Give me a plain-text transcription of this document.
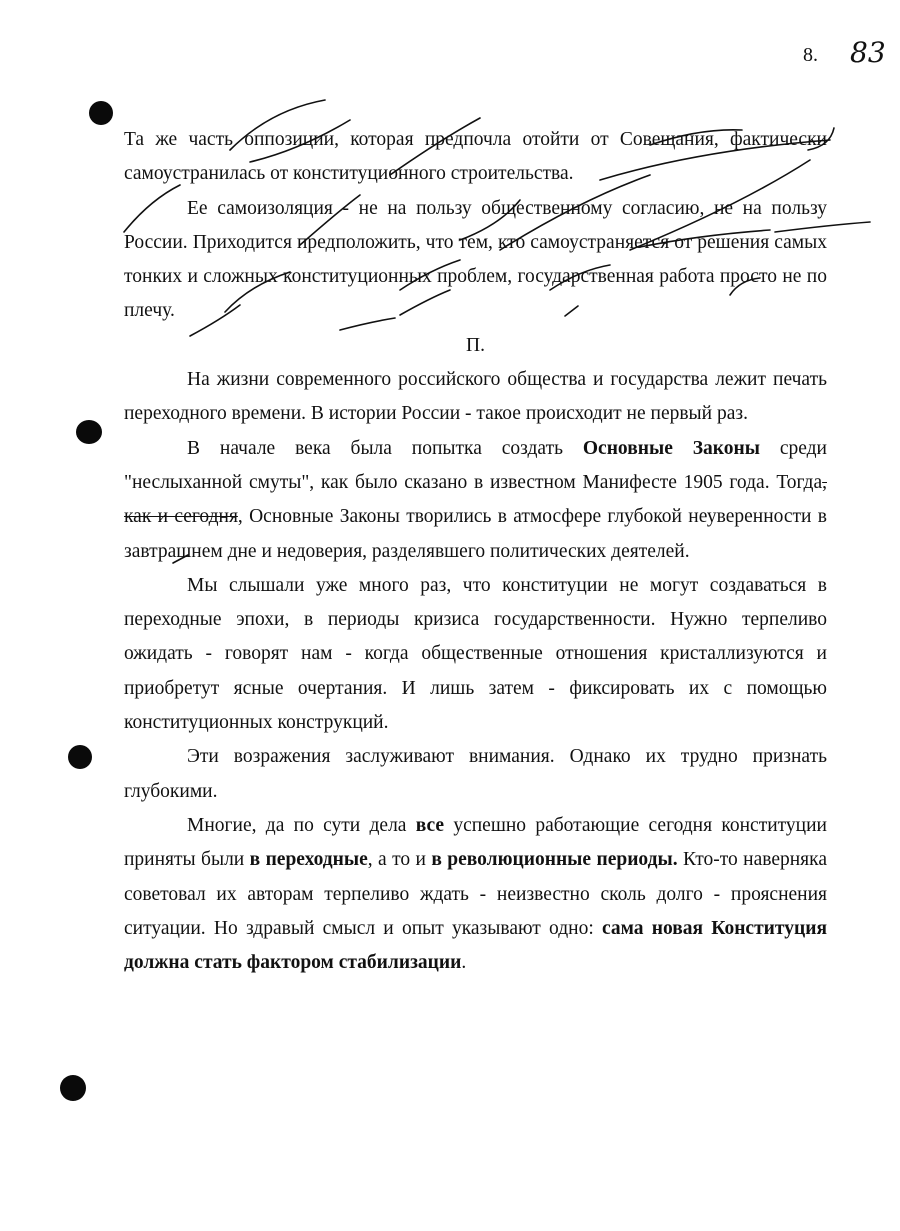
8. 83

Та же часть оппозиции, которая предпочла отойти от Совещания, фактически самоустранилась от конституционного строительства.

Ее самоизоляция - не на пользу общественному согласию, не на пользу России. Приходится предположить, что тем, кто самоустраняется от решения самых тонких и сложных конституционных проблем, государственная работа просто не по плечу.

П.

На жизни современного российского общества и государства лежит печать переходного времени. В истории России - такое происходит не первый раз.

В начале века была попытка создать Основные Законы среди "неслыханной смуты", как было сказано в известном Манифесте 1905 года. Тогда, как и сегодня, Основные Законы творились в атмосфере глубокой неуверенности в завтрашнем дне и недоверия, разделявшего политических деятелей.

Мы слышали уже много раз, что конституции не могут создаваться в переходные эпохи, в периоды кризиса государственности. Нужно терпеливо ожидать - говорят нам - когда общественные отношения кристаллизуются и приобретут ясные очертания. И лишь затем - фиксировать их с помощью конституционных конструкций.

Эти возражения заслуживают внимания. Однако их трудно признать глубокими.

Многие, да по сути дела все успешно работающие сегодня конституции приняты были в переходные, а то и в революционные периоды. Кто-то наверняка советовал их авторам терпеливо ждать - неизвестно сколь долго - прояснения ситуации. Но здравый смысл и опыт указывают одно: сама новая Конституция должна стать фактором стабилизации.
